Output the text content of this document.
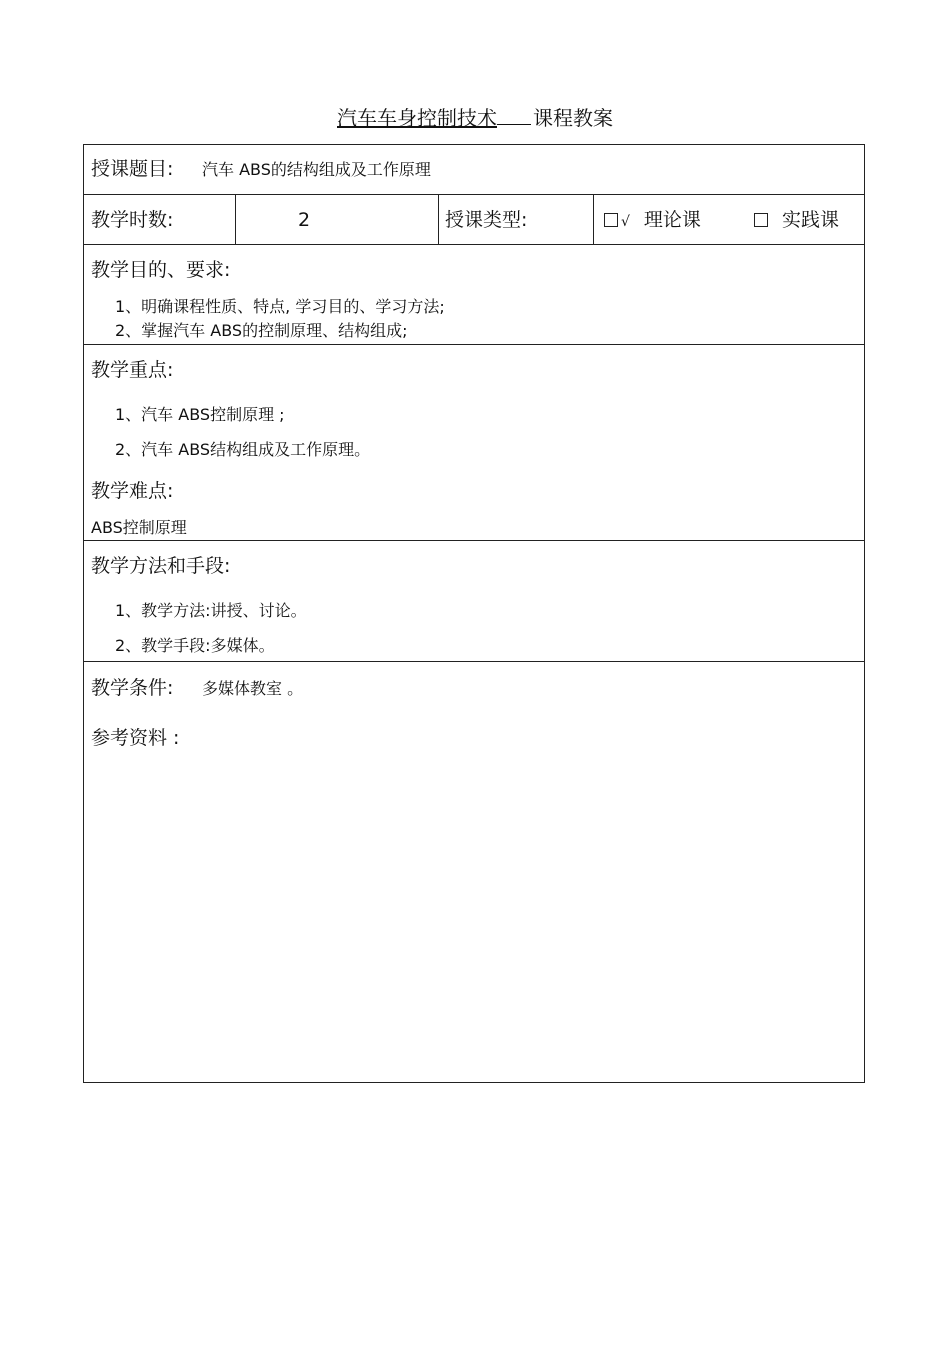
汽车车身控制技术 课程教案
授课题目: 汽车 ABS的结构组成及工作原理
教学时数:	2	授课类型:	√ 理论课	实践课
教学目的、要求:
1、明确课程性质、特点, 学习目的、学习方法;
2、掌握汽车 ABS的控制原理、结构组成;
教学重点:
1、汽车 ABS控制原理 ;
2、汽车 ABS结构组成及工作原理。
教学难点:
ABS控制原理
教学方法和手段:
1、教学方法:讲授、讨论。
2、教学手段:多媒体。
教学条件: 多媒体教室 。
参考资料 :
